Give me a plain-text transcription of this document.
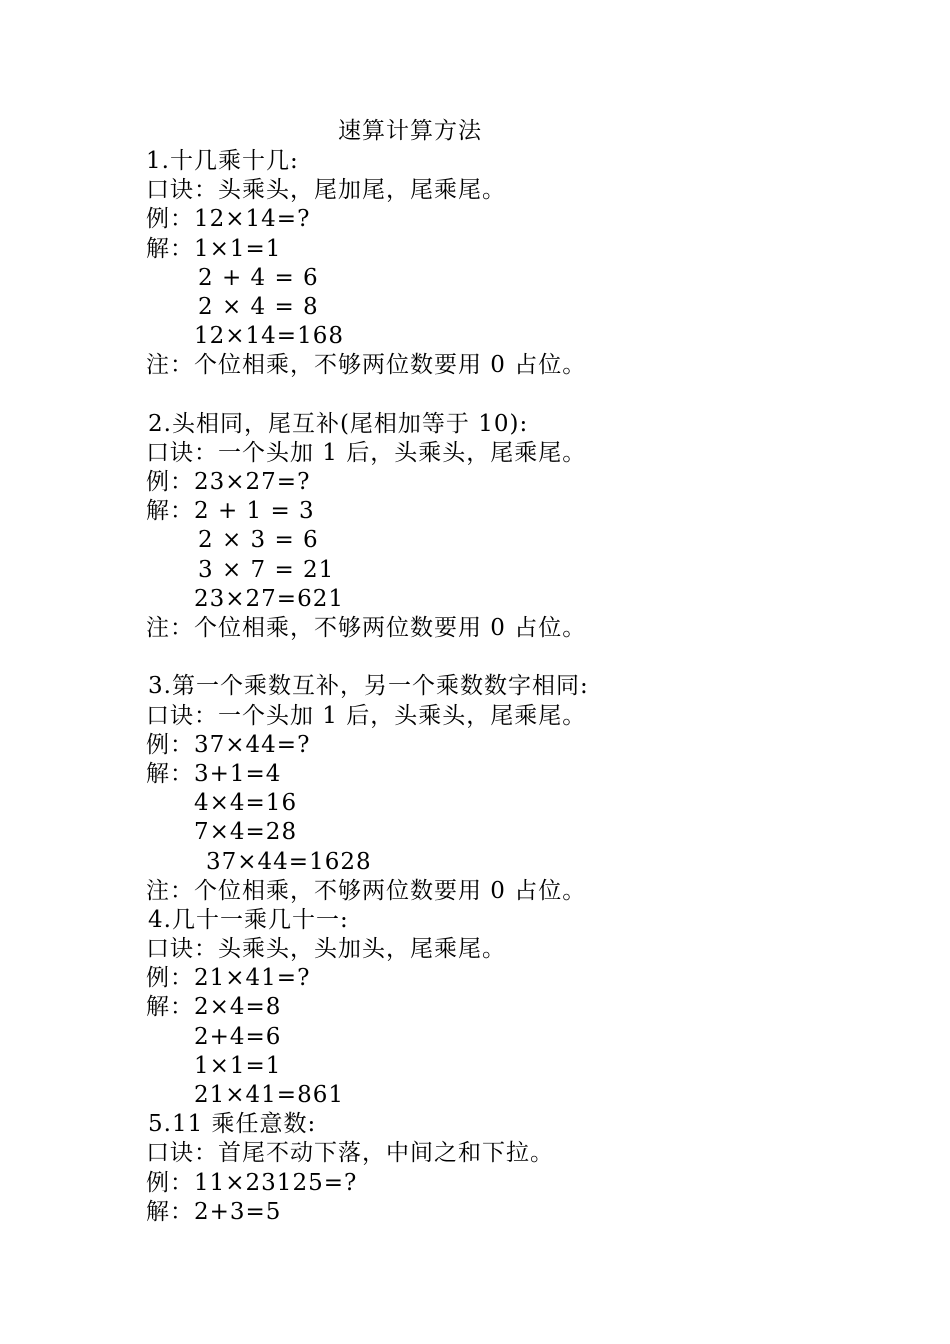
速算计算方法
1.十几乘十几:
口诀：头乘头，尾加尾，尾乘尾。
例：12×14=?
解：1×1=1
2 + 4 = 6
2 × 4 = 8
12×14=168
注：个位相乘，不够两位数要用 0 占位。
2.头相同，尾互补(尾相加等于 10):
口诀：一个头加 1 后，头乘头，尾乘尾。
例：23×27=?
解：2 + 1 = 3
2 × 3 = 6
3 × 7 = 21
23×27=621
注：个位相乘，不够两位数要用 0 占位。
3.第一个乘数互补，另一个乘数数字相同:
口诀：一个头加 1 后，头乘头，尾乘尾。
例：37×44=?
解：3+1=4
4×4=16
7×4=28
37×44=1628
注：个位相乘，不够两位数要用 0 占位。
4.几十一乘几十一:
口诀：头乘头，头加头，尾乘尾。
例：21×41=?
解：2×4=8
2+4=6
1×1=1
21×41=861
5.11 乘任意数:
口诀：首尾不动下落，中间之和下拉。
例：11×23125=?
解：2+3=5
